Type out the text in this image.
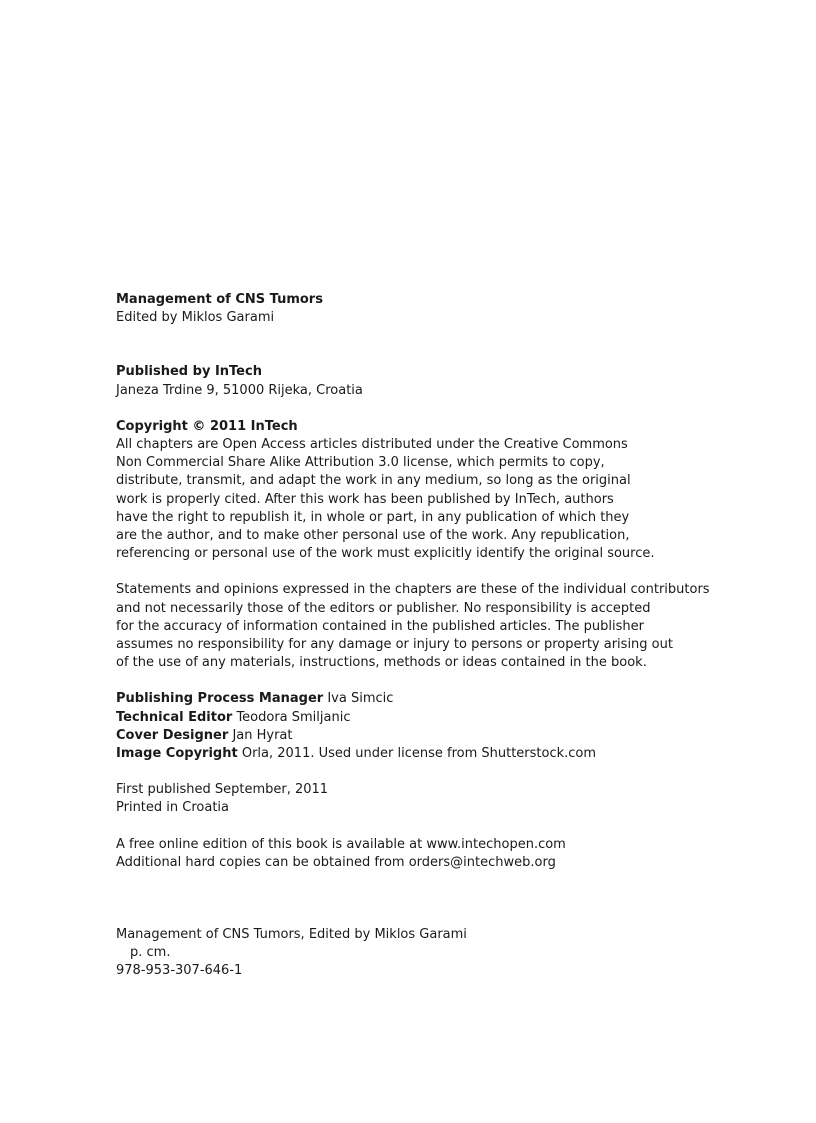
Management of CNS Tumors
Edited by Miklos Garami
Published by InTech
Janeza Trdine 9, 51000 Rijeka, Croatia
Copyright © 2011 InTech
All chapters are Open Access articles distributed under the Creative Commons
Non Commercial Share Alike Attribution 3.0 license, which permits to copy,
distribute, transmit, and adapt the work in any medium, so long as the original
work is properly cited. After this work has been published by InTech, authors
have the right to republish it, in whole or part, in any publication of which they
are the author, and to make other personal use of the work. Any republication,
referencing or personal use of the work must explicitly identify the original source.
Statements and opinions expressed in the chapters are these of the individual contributors
and not necessarily those of the editors or publisher. No responsibility is accepted
for the accuracy of information contained in the published articles. The publisher
assumes no responsibility for any damage or injury to persons or property arising out
of the use of any materials, instructions, methods or ideas contained in the book.
Publishing Process Manager Iva Simcic
Technical Editor Teodora Smiljanic
Cover Designer Jan Hyrat
Image Copyright Orla, 2011. Used under license from Shutterstock.com
First published September, 2011
Printed in Croatia
A free online edition of this book is available at www.intechopen.com
Additional hard copies can be obtained from orders@intechweb.org
Management of CNS Tumors, Edited by Miklos Garami
p. cm.
978-953-307-646-1
